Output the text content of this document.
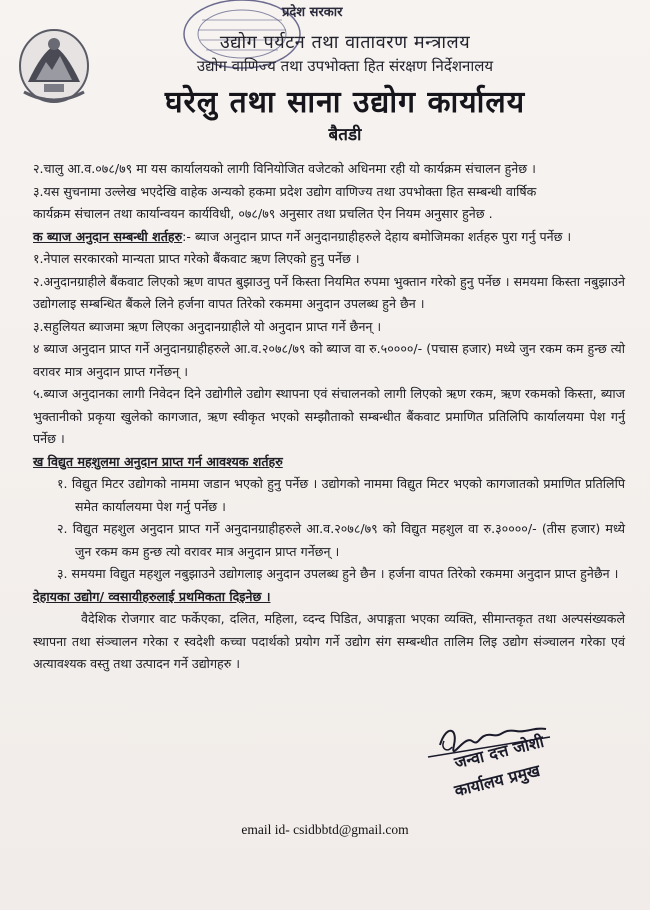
प्रदेश सरकार
उद्योग पर्यटन तथा वातावरण मन्त्रालय
उद्योग वाणिज्य तथा उपभोक्ता हित संरक्षण निर्देशनालय
घरेलु तथा साना उद्योग कार्यालय
बैतडी

२.चालु आ.व.०७८/७९ मा यस कार्यालयको लागी विनियोजित वजेटको अधिनमा रही यो कार्यक्रम संचालन हुनेछ ।

३.यस सुचनामा उल्लेख भएदेखि वाहेक अन्यको हकमा प्रदेश उद्योग वाणिज्य तथा उपभोक्ता हित सम्बन्धी वार्षिक

कार्यक्रम संचालन तथा कार्यान्वयन कार्यविधी, ०७८/७९ अनुसार तथा प्रचलित ऐन नियम अनुसार हुनेछ .

क ब्याज अनुदान सम्बन्धी शर्तहरु:- ब्याज अनुदान प्राप्त गर्ने अनुदानग्राहीहरुले देहाय बमोजिमका शर्तहरु पुरा गर्नु पर्नेछ ।

१.नेपाल सरकारको मान्यता प्राप्त गरेको बैंकवाट ऋण लिएको हुनु पर्नेछ ।

२.अनुदानग्राहीले बैंकवाट लिएको ऋण वापत बुझाउनु पर्ने किस्ता नियमित रुपमा भुक्तान गरेको हुनु पर्नेछ । समयमा किस्ता नबुझाउने उद्योगलाइ सम्बन्धित बैंकले लिने हर्जना वापत तिरेको रकममा अनुदान उपलब्ध हुने छैन ।

३.सहुलियत ब्याजमा ऋण लिएका अनुदानग्राहीले यो अनुदान प्राप्त गर्ने छैनन् ।

४ ब्याज अनुदान प्राप्त गर्ने अनुदानग्राहीहरुले आ.व.२०७८/७९ को ब्याज वा रु.५००००/- (पचास हजार) मध्ये जुन रकम कम हुन्छ त्यो वरावर मात्र अनुदान प्राप्त गर्नेछन् ।

५.ब्याज अनुदानका लागी निवेदन दिने उद्योगीले उद्योग स्थापना एवं संचालनको लागी लिएको ऋण रकम, ऋण रकमको किस्ता, ब्याज भुक्तानीको प्रकृया खुलेको कागजात, ऋण स्वीकृत भएको सम्झौताको सम्बन्धीत बैंकवाट प्रमाणित प्रतिलिपि कार्यालयमा पेश गर्नु पर्नेछ ।

ख विद्युत महशुलमा अनुदान प्राप्त गर्न आवश्यक शर्तहरु

१. विद्युत मिटर उद्योगको नाममा जडान भएको हुनु पर्नेछ । उद्योगको नाममा विद्युत मिटर भएको कागजातको प्रमाणित प्रतिलिपि समेत कार्यालयमा पेश गर्नु पर्नेछ ।

२. विद्युत महशुल अनुदान प्राप्त गर्ने अनुदानग्राहीहरुले आ.व.२०७८/७९ को विद्युत महशुल वा रु.३००००/- (तीस हजार) मध्ये जुन रकम कम हुन्छ त्यो वरावर मात्र अनुदान प्राप्त गर्नेछन् ।

३. समयमा विद्युत महशुल नबुझाउने उद्योगलाइ अनुदान उपलब्ध हुने छैन । हर्जना वापत तिरेको रकममा अनुदान प्राप्त हुनेछैन ।

देहायका उद्योग/ व्वसायीहरुलाई प्रथमिकता दिइनेछ ।

वैदेशिक रोजगार वाट फर्केएका, दलित, महिला, व्दन्द पिडित, अपाङ्गता भएका व्यक्ति, सीमान्तकृत तथा अल्पसंख्यकले स्थापना तथा संञ्चालन गरेका र स्वदेशी कच्चा पदार्थको प्रयोग गर्ने उद्योग संग सम्बन्धीत तालिम लिइ उद्योग संञ्चालन गरेका एवं अत्यावश्यक वस्तु तथा उत्पादन गर्ने उद्योगहरु ।

जन्वा दत्त जोशी
कार्यालय प्रमुख
email id- csidbbtd@gmail.com
